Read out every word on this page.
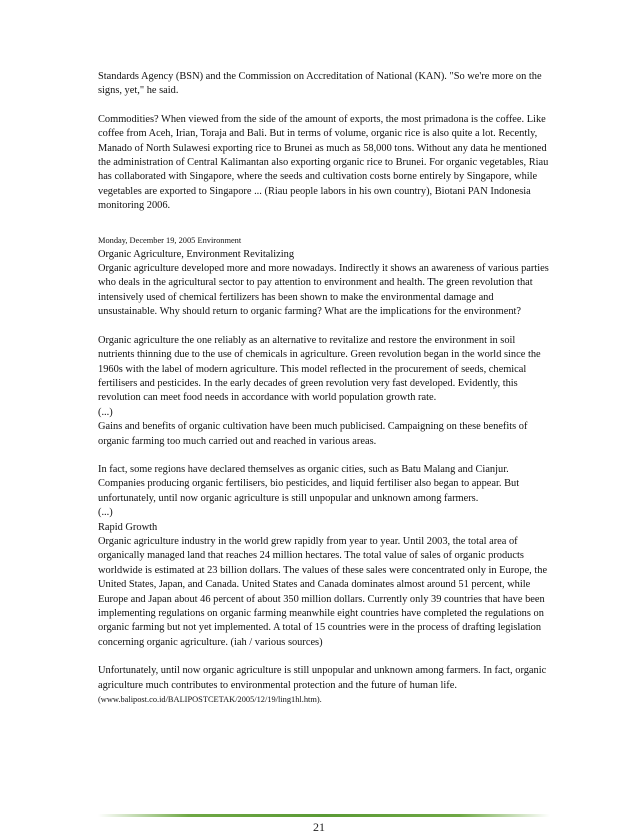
Standards Agency (BSN) and the Commission on Accreditation of National (KAN). "So we're more on the signs, yet," he said.

Commodities? When viewed from the side of the amount of exports, the most primadona is the coffee. Like coffee from Aceh, Irian, Toraja and Bali. But in terms of volume, organic rice is also quite a lot. Recently, Manado of North Sulawesi exporting rice to Brunei as much as 58,000 tons. Without any data he mentioned the administration of Central Kalimantan also exporting organic rice to Brunei. For organic vegetables, Riau has collaborated with Singapore, where the seeds and cultivation costs borne entirely by Singapore, while vegetables are exported to Singapore ... (Riau people labors in his own country), Biotani PAN Indonesia monitoring 2006.

Monday, December 19, 2005 Environment

Organic Agriculture, Environment Revitalizing

Organic agriculture developed more and more nowadays. Indirectly it shows an awareness of various parties who deals in the agricultural sector to pay attention to environment and health. The green revolution that intensively used of chemical fertilizers has been shown to make the environmental damage and unsustainable. Why should return to organic farming? What are the implications for the environment?

Organic agriculture the one reliably as an alternative to revitalize and restore the environment in soil nutrients thinning due to the use of chemicals in agriculture. Green revolution began in the world since the 1960s with the label of modern agriculture. This model reflected in the procurement of seeds, chemical fertilisers and pesticides. In the early decades of green revolution very fast developed. Evidently, this revolution can meet food needs in accordance with world population growth rate.

(...)

Gains and benefits of organic cultivation have been much publicised. Campaigning on these benefits of organic farming too much carried out and reached in various areas.

In fact, some regions have declared themselves as organic cities, such as Batu Malang and Cianjur. Companies producing organic fertilisers, bio pesticides, and liquid fertiliser also began to appear. But unfortunately, until now organic agriculture is still unpopular and unknown among farmers.

(...)

Rapid Growth

Organic agriculture industry in the world grew rapidly from year to year. Until 2003, the total area of organically managed land that reaches 24 million hectares. The total value of sales of organic products worldwide is estimated at 23 billion dollars. The values of these sales were concentrated only in Europe, the United States, Japan, and Canada. United States and Canada dominates almost around 51 percent, while Europe and Japan about 46 percent of about 350 million dollars. Currently only 39 countries that have been implementing regulations on organic farming meanwhile eight countries have completed the regulations on organic farming but not yet implemented. A total of 15 countries were in the process of drafting legislation concerning organic agriculture. (iah / various sources)

Unfortunately, until now organic agriculture is still unpopular and unknown among farmers. In fact, organic agriculture much contributes to environmental protection and the future of human life.(www.balipost.co.id/BALIPOSTCETAK/2005/12/19/ling1hl.htm).

21
